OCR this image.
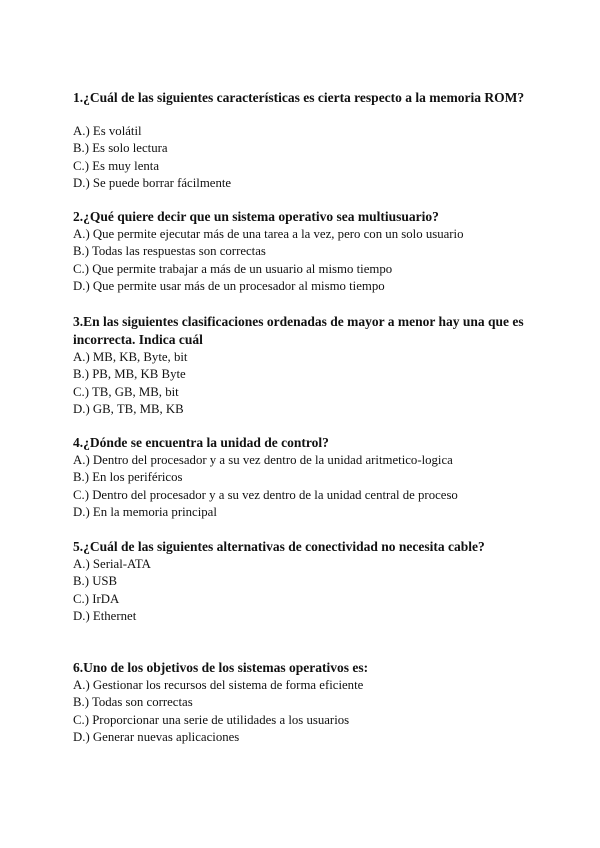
1.¿Cuál de las siguientes características es cierta respecto a la memoria ROM?

A.) Es volátil

B.) Es solo lectura

C.) Es muy lenta

D.) Se puede borrar fácilmente

2.¿Qué quiere decir que un sistema operativo sea multiusuario?

A.) Que permite ejecutar más de una tarea a la vez, pero con un solo usuario

B.) Todas las respuestas son correctas

C.) Que permite trabajar a más de un usuario al mismo tiempo

D.) Que permite usar más de un procesador al mismo tiempo

3.En las siguientes clasificaciones ordenadas de mayor a menor hay una que es incorrecta. Indica cuál

A.) MB, KB, Byte, bit

B.) PB, MB, KB Byte

C.) TB, GB, MB, bit

D.) GB, TB, MB, KB

4.¿Dónde se encuentra la unidad de control?

A.) Dentro del procesador y a su vez dentro de la unidad aritmetico-logica

B.) En los periféricos

C.) Dentro del procesador y a su vez dentro de la unidad central de proceso

D.) En la memoria principal

5.¿Cuál de las siguientes alternativas de conectividad no necesita cable?

A.) Serial-ATA

B.) USB

C.) IrDA

D.) Ethernet

6.Uno de los objetivos de los sistemas operativos es:

A.) Gestionar los recursos del sistema de forma eficiente

B.) Todas son correctas

C.) Proporcionar una serie de utilidades a los usuarios

D.) Generar nuevas aplicaciones
